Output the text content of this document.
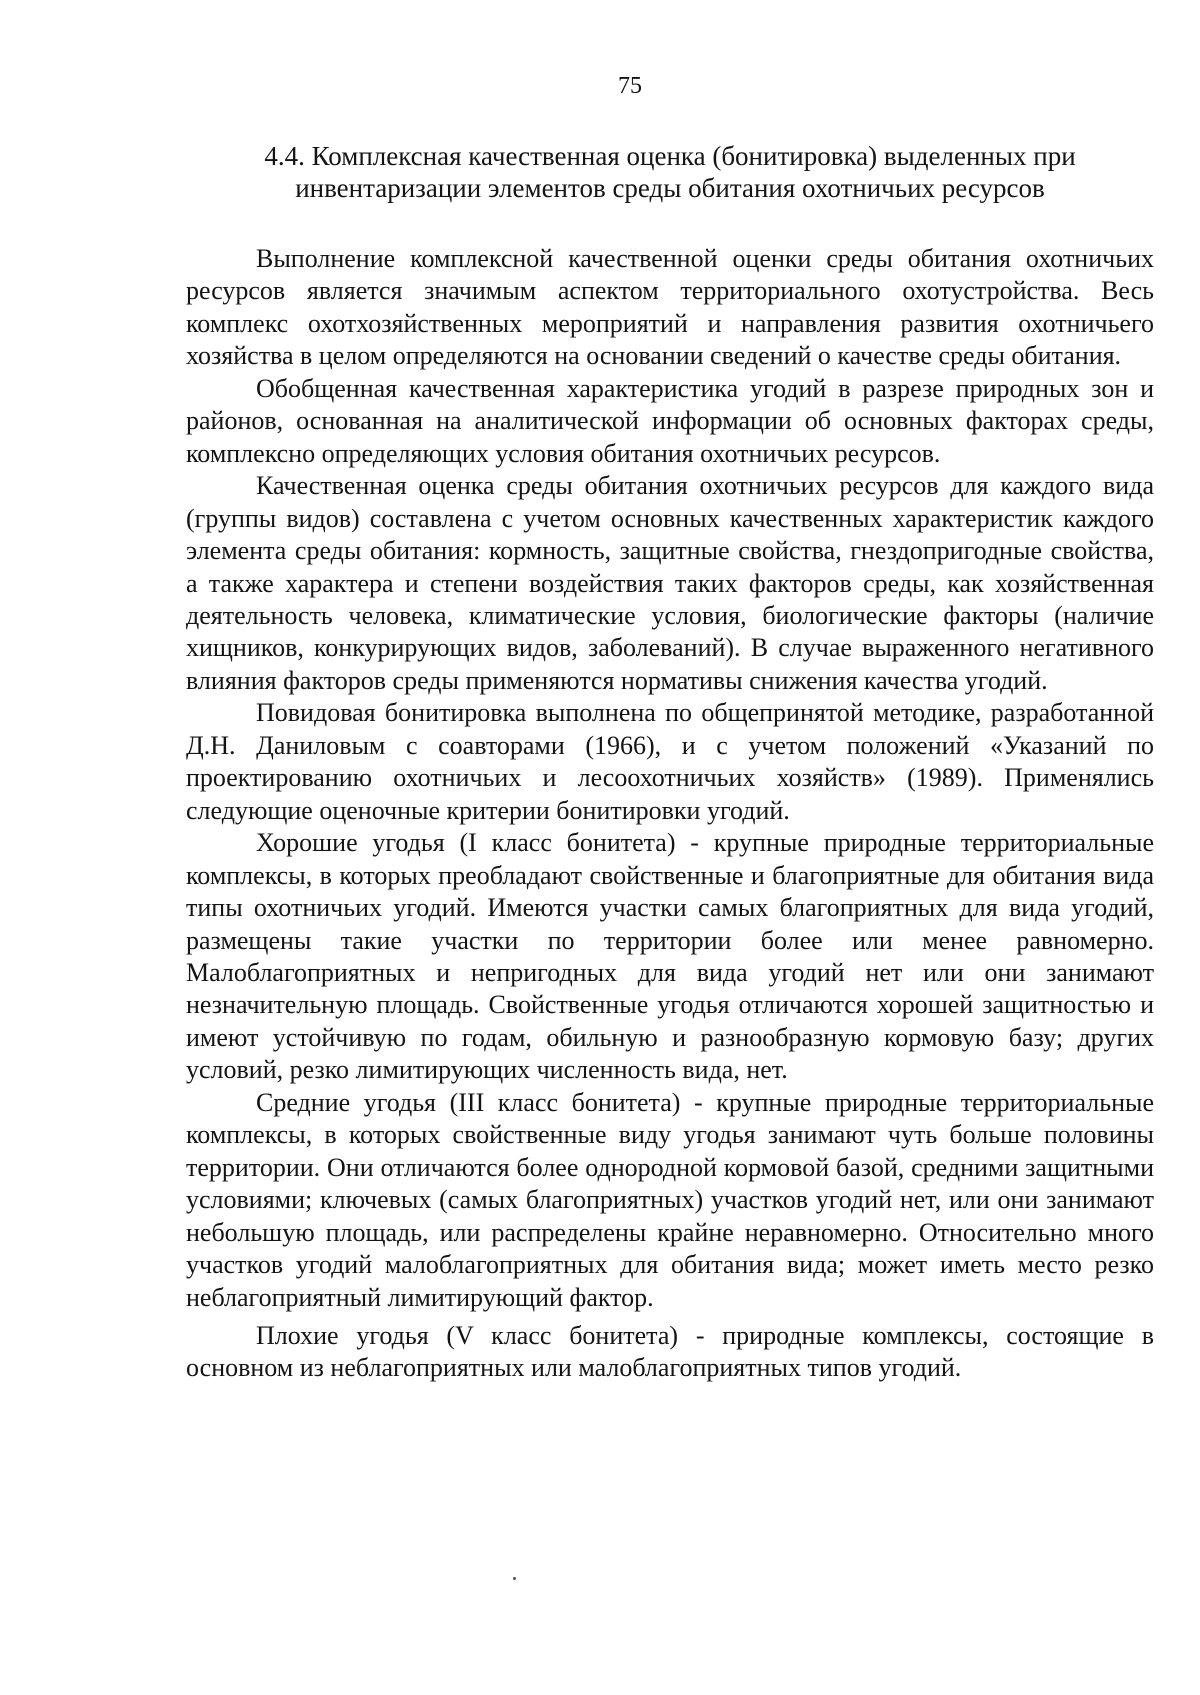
75
4.4. Комплексная качественная оценка (бонитировка) выделенных при
инвентаризации элементов среды обитания охотничьих ресурсов

Выполнение комплексной качественной оценки среды обитания охотничьих ресурсов является значимым аспектом территориального охотустройства. Весь комплекс охотхозяйственных мероприятий и направления развития охотничьего хозяйства в целом определяются на основании сведений о качестве среды обитания.

Обобщенная качественная характеристика угодий в разрезе природных зон и районов, основанная на аналитической информации об основных факторах среды, комплексно определяющих условия обитания охотничьих ресурсов.

Качественная оценка среды обитания охотничьих ресурсов для каждого вида (группы видов) составлена с учетом основных качественных характеристик каждого элемента среды обитания: кормность, защитные свойства, гнездопригодные свойства, а также характера и степени воздействия таких факторов среды, как хозяйственная деятельность человека, климатические условия, биологические факторы (наличие хищников, конкурирующих видов, заболеваний). В случае выраженного негативного влияния факторов среды применяются нормативы снижения качества угодий.

Повидовая бонитировка выполнена по общепринятой методике, разработанной Д.Н. Даниловым с соавторами (1966), и с учетом положений «Указаний по проектированию охотничьих и лесоохотничьих хозяйств» (1989). Применялись следующие оценочные критерии бонитировки угодий.

Хорошие угодья (I класс бонитета) - крупные природные территориальные комплексы, в которых преобладают свойственные и благоприятные для обитания вида типы охотничьих угодий. Имеются участки самых благоприятных для вида угодий, размещены такие участки по территории более или менее равномерно. Малоблагоприятных и непригодных для вида угодий нет или они занимают незначительную площадь. Свойственные угодья отличаются хорошей защитностью и имеют устойчивую по годам, обильную и разнообразную кормовую базу; других условий, резко лимитирующих численность вида, нет.

Средние угодья (III класс бонитета) - крупные природные территориальные комплексы, в которых свойственные виду угодья занимают чуть больше половины территории. Они отличаются более однородной кормовой базой, средними защитными условиями; ключевых (самых благоприятных) участков угодий нет, или они занимают небольшую площадь, или распределены крайне неравномерно. Относительно много участков угодий малоблагоприятных для обитания вида; может иметь место резко неблагоприятный лимитирующий фактор.

Плохие угодья (V класс бонитета) - природные комплексы, состоящие в основном из неблагоприятных или малоблагоприятных типов угодий.
